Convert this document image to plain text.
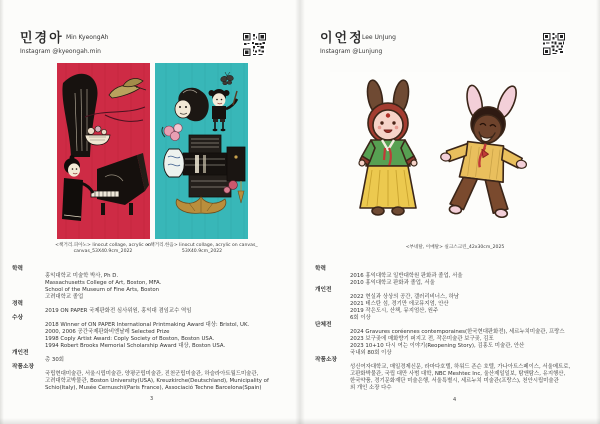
민경아 Min KyeongAh
Instagram @kyeongah.min
<책거리.피아노> linocut collage, acrylic on
canvas_53X40.9cm_2022
<책거리.한음> linocut collage, acrylic on canvas_
53X40.9cm_2022
학력
홍익대학교 미술학 박사, Ph D.
Massachusetts College of Art, Boston, MFA.
School of the Museum of Fine Arts, Boston
고려대학교 졸업
경력
2019 ON PAPER 국제판화전 심사위원, 홍익대 겸임교수 역임
수상
2018 Winner of ON PAPER International Printmaking Award 대상: Bristol, UK.
2000, 2006 공간국제판화비엔날레 Selected Prize
1998 Coply Artist Award: Coply Society of Boston, Boston USA.
1994 Robert Brooks Memorial Scholarship Award 대상, Boston USA.
개인전
총 30회
작품소장
국립현대미술관, 서울시립미술관, 양평군립미술관, 진천군립미술관, 하슬라아트월드미술관,
고려대학교박물관, Boston University(USA), Kreuzkirche(Deutschland), Municipality of
Schio(Italy), Musée Cernuschi(Paris France), Associació Techne Barcelona(Spain)
3
이언정
Lee UnJung
Instagram @Lunjung
<부네탈, 이매탈> 실크스크린_42x30cm_2025
학력
2016 홍익대학교 일반대학원 판화과 졸업, 서울
2010 홍익대학교 판화과 졸업, 서울
개인전
2022 현실과 상상의 공간, 갤러리비너스, 하남
2021 테스탄 섬, 경기만 에코뮤지엄, 안산
2019 작은도시, 산책, 뮤지엄산, 원주
6회 이상
단체전
2024 Gravures coréennes contemporaines(한국현대판화전), 세르누치미술관, 프랑스
2023 보구곶에 매화향기 퍼지고 전, 작은미술관 보구곶, 김포
2023 10+10 다시 여는 이야기(Reopening Story), 김홍도 미술관, 안산
국내외 80회 이상
작품소장
성신여자대학교, 매일경제신문, 라마다호텔, 하워드 존슨 호텔, 가나아트스페이스, 서울메트로,
고판화박물관, 국립 대만 사범 대학, NBC Meshtec Inc, 울산제일일보, 탐앤탐스, 유지행산,
한국약품, 경기문화재단 미술은행, 서울특별시, 세르누치 미술관(프랑스), 천안시립미술관
외 개인 소장 다수
4
